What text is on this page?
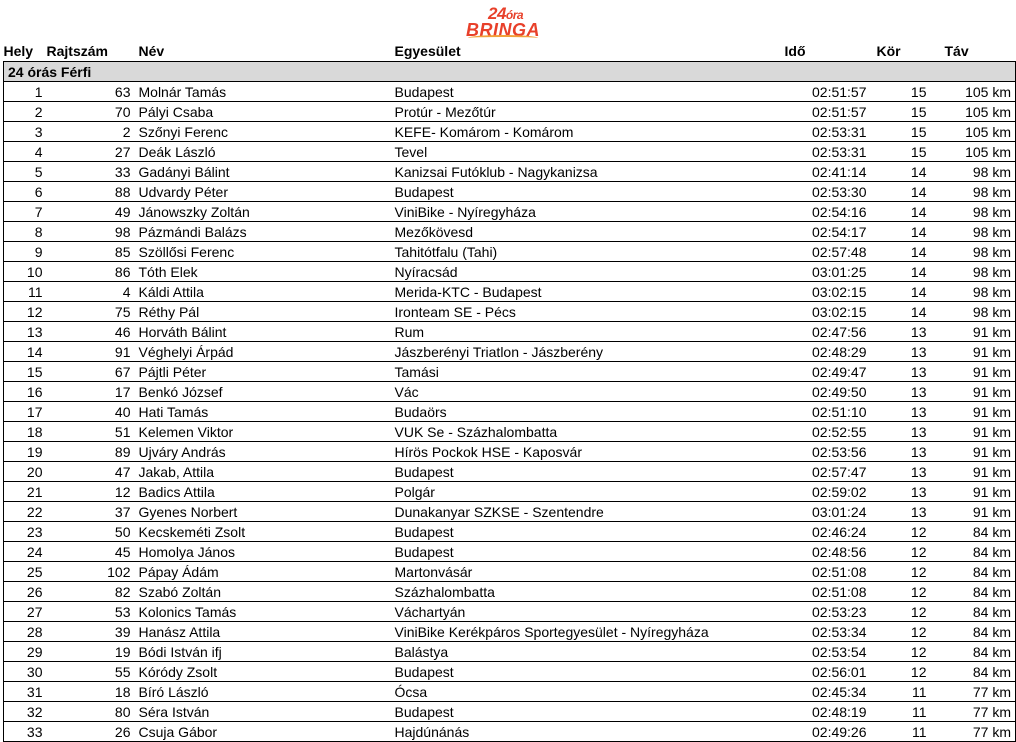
24óra
BRINGA
Hely	Rajtszám	Név	Egyesület	Idő	Kör	Táv
24 órás Férfi						
1	63	Molnár Tamás	Budapest	02:51:57	15	105 km
2	70	Pályi Csaba	Protúr - Mezőtúr	02:51:57	15	105 km
3	2	Szőnyi Ferenc	KEFE- Komárom - Komárom	02:53:31	15	105 km
4	27	Deák László	Tevel	02:53:31	15	105 km
5	33	Gadányi Bálint	Kanizsai Futóklub - Nagykanizsa	02:41:14	14	98 km
6	88	Udvardy Péter	Budapest	02:53:30	14	98 km
7	49	Jánowszky Zoltán	ViniBike - Nyíregyháza	02:54:16	14	98 km
8	98	Pázmándi Balázs	Mezőkövesd	02:54:17	14	98 km
9	85	Szöllősi Ferenc	Tahitótfalu (Tahi)	02:57:48	14	98 km
10	86	Tóth Elek	Nyíracsád	03:01:25	14	98 km
11	4	Káldi Attila	Merida-KTC - Budapest	03:02:15	14	98 km
12	75	Réthy Pál	Ironteam SE - Pécs	03:02:15	14	98 km
13	46	Horváth Bálint	Rum	02:47:56	13	91 km
14	91	Véghelyi Árpád	Jászberényi Triatlon - Jászberény	02:48:29	13	91 km
15	67	Pájtli Péter	Tamási	02:49:47	13	91 km
16	17	Benkó József	Vác	02:49:50	13	91 km
17	40	Hati Tamás	Budaörs	02:51:10	13	91 km
18	51	Kelemen Viktor	VUK Se - Százhalombatta	02:52:55	13	91 km
19	89	Ujváry András	Hírös Pockok HSE - Kaposvár	02:53:56	13	91 km
20	47	Jakab, Attila	Budapest	02:57:47	13	91 km
21	12	Badics Attila	Polgár	02:59:02	13	91 km
22	37	Gyenes Norbert	Dunakanyar SZKSE - Szentendre	03:01:24	13	91 km
23	50	Kecskeméti Zsolt	Budapest	02:46:24	12	84 km
24	45	Homolya János	Budapest	02:48:56	12	84 km
25	102	Pápay Ádám	Martonvásár	02:51:08	12	84 km
26	82	Szabó Zoltán	Százhalombatta	02:51:08	12	84 km
27	53	Kolonics Tamás	Váchartyán	02:53:23	12	84 km
28	39	Hanász Attila	ViniBike Kerékpáros Sportegyesület - Nyíregyháza	02:53:34	12	84 km
29	19	Bódi István ifj	Balástya	02:53:54	12	84 km
30	55	Kóródy Zsolt	Budapest	02:56:01	12	84 km
31	18	Bíró László	Ócsa	02:45:34	11	77 km
32	80	Séra István	Budapest	02:48:19	11	77 km
33	26	Csuja Gábor	Hajdúnánás	02:49:26	11	77 km
